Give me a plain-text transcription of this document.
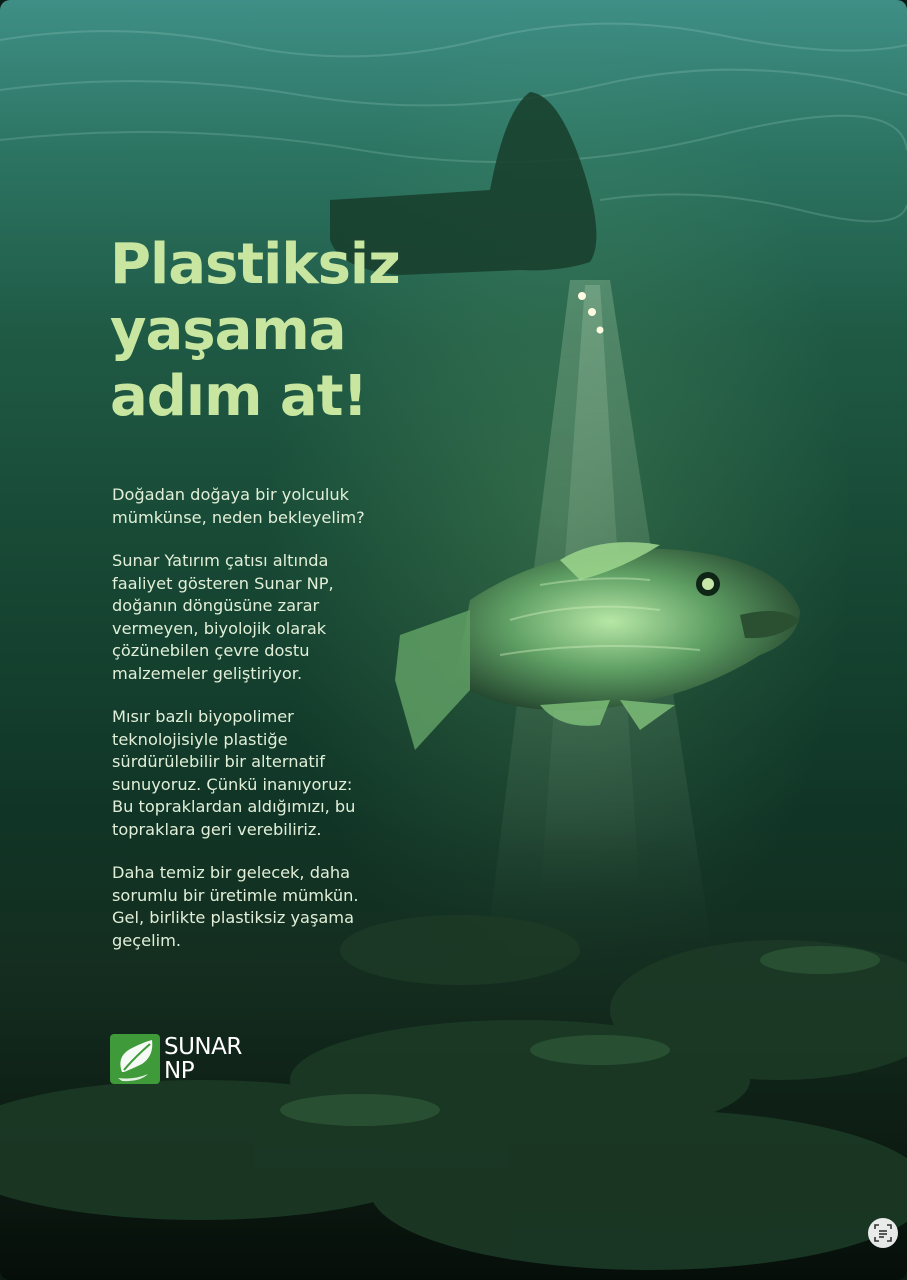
Plastiksiz
yaşama
adım at!

Doğadan doğaya bir yolculuk
mümkünse, neden bekleyelim?

Sunar Yatırım çatısı altında
faaliyet gösteren Sunar NP,
doğanın döngüsüne zarar
vermeyen, biyolojik olarak
çözünebilen çevre dostu
malzemeler geliştiriyor.

Mısır bazlı biyopolimer
teknolojisiyle plastiğe
sürdürülebilir bir alternatif
sunuyoruz. Çünkü inanıyoruz:
Bu topraklardan aldığımızı, bu
topraklara geri verebiliriz.

Daha temiz bir gelecek, daha
sorumlu bir üretimle mümkün.
Gel, birlikte plastiksiz yaşama
geçelim.

SUNAR
NP
